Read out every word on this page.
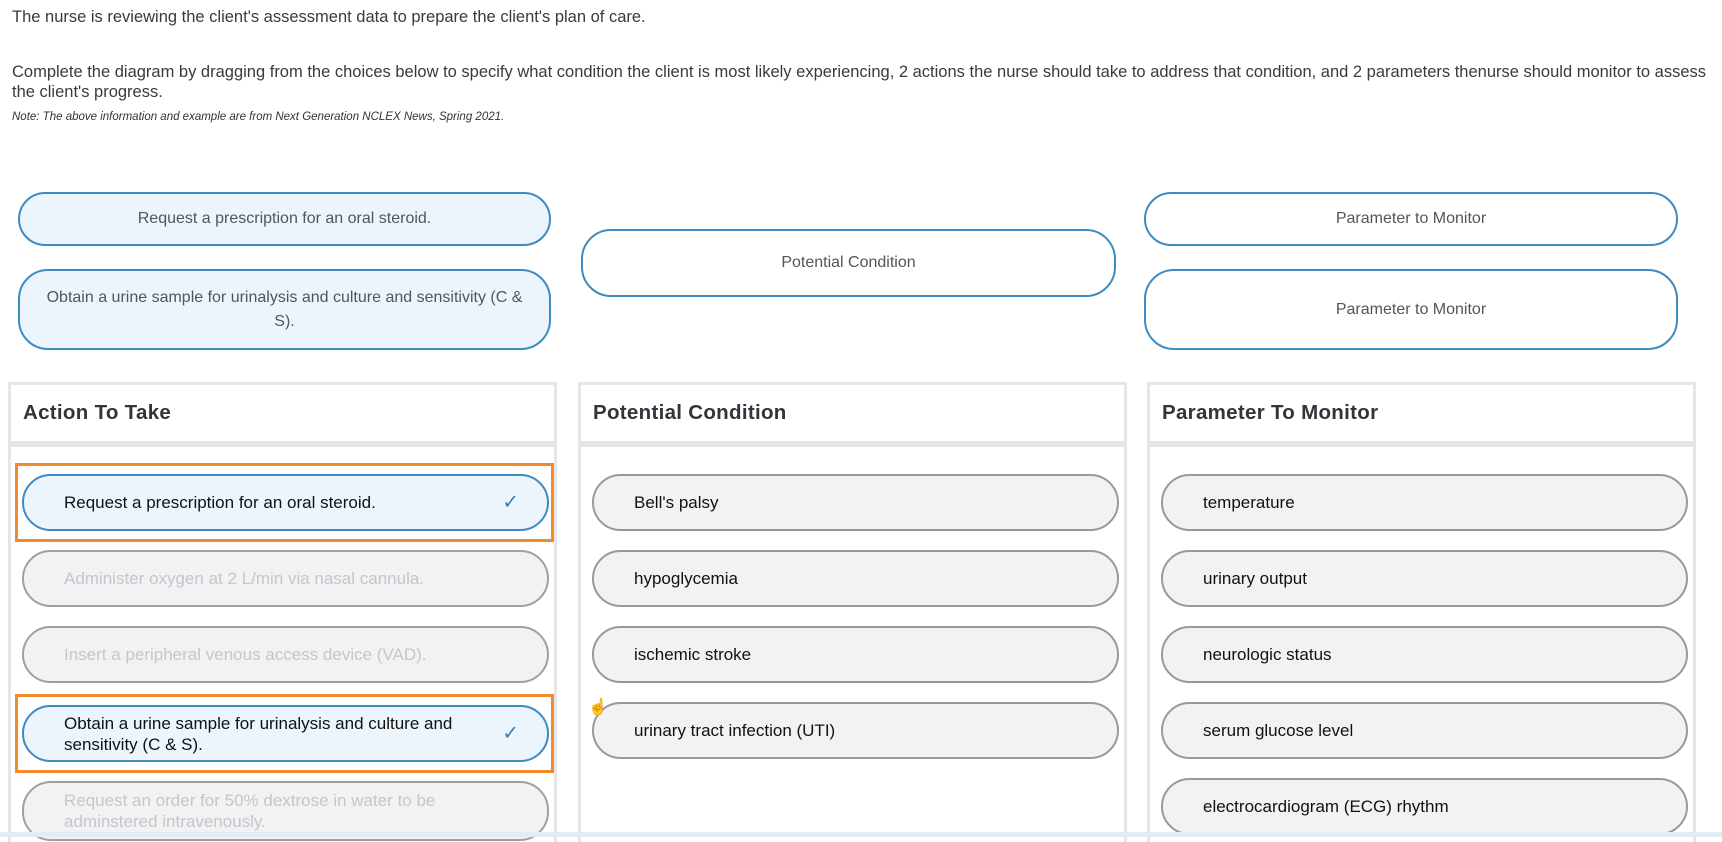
The nurse is reviewing the client's assessment data to prepare the client's plan of care.
Complete the diagram by dragging from the choices below to specify what condition the client is most likely experiencing, 2 actions the nurse should take to address that condition, and 2 parameters thenurse should monitor to assess the client's progress.
Note: The above information and example are from Next Generation NCLEX News, Spring 2021.
Request a prescription for an oral steroid.
Obtain a urine sample for urinalysis and culture and sensitivity (C & S).
Potential Condition
Parameter to Monitor
Parameter to Monitor
Action To Take
Request a prescription for an oral steroid.	✓
Administer oxygen at 2 L/min via nasal cannula.
Insert a peripheral venous access device (VAD).
Obtain a urine sample for urinalysis and culture and sensitivity (C & S).	✓
Request an order for 50% dextrose in water to be adminstered intravenously.
Potential Condition
Bell's palsy
hypoglycemia
ischemic stroke
urinary tract infection (UTI)
Parameter To Monitor
temperature
urinary output
neurologic status
serum glucose level
electrocardiogram (ECG) rhythm
☝
